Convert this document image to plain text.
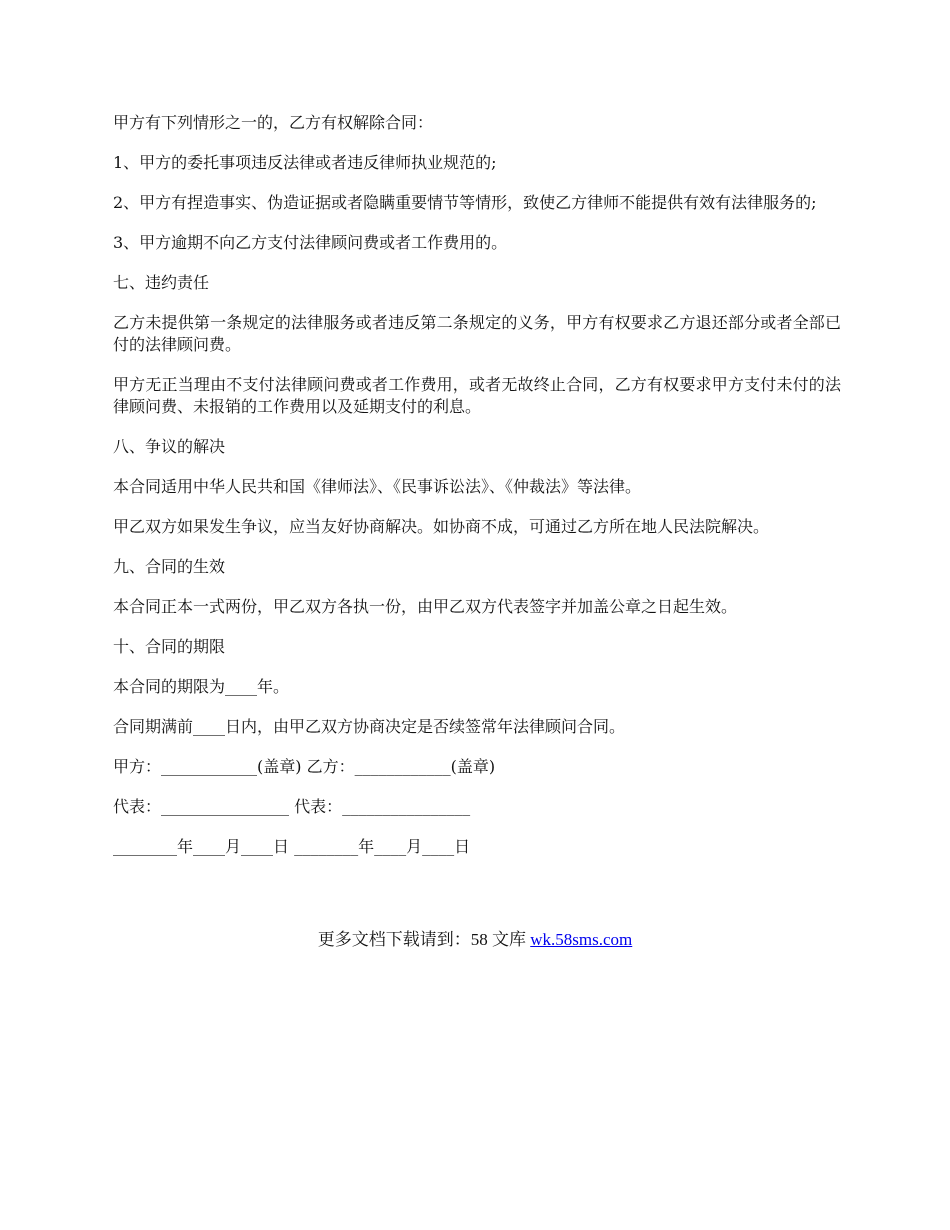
甲方有下列情形之一的，乙方有权解除合同：

1、甲方的委托事项违反法律或者违反律师执业规范的;

2、甲方有捏造事实、伪造证据或者隐瞒重要情节等情形，致使乙方律师不能提供有效有法律服务的;

3、甲方逾期不向乙方支付法律顾问费或者工作费用的。

七、违约责任

乙方未提供第一条规定的法律服务或者违反第二条规定的义务，甲方有权要求乙方退还部分或者全部已付的法律顾问费。

甲方无正当理由不支付法律顾问费或者工作费用，或者无故终止合同，乙方有权要求甲方支付未付的法律顾问费、未报销的工作费用以及延期支付的利息。

八、争议的解决

本合同适用中华人民共和国《律师法》、《民事诉讼法》、《仲裁法》等法律。

甲乙双方如果发生争议，应当友好协商解决。如协商不成，可通过乙方所在地人民法院解决。

九、合同的生效

本合同正本一式两份，甲乙双方各执一份，由甲乙双方代表签字并加盖公章之日起生效。

十、合同的期限

本合同的期限为____年。

合同期满前____日内，由甲乙双方协商决定是否续签常年法律顾问合同。

甲方：____________(盖章) 乙方：____________(盖章)

代表：________________ 代表：________________

________年____月____日 ________年____月____日

更多文档下载请到：58 文库 wk.58sms.com
